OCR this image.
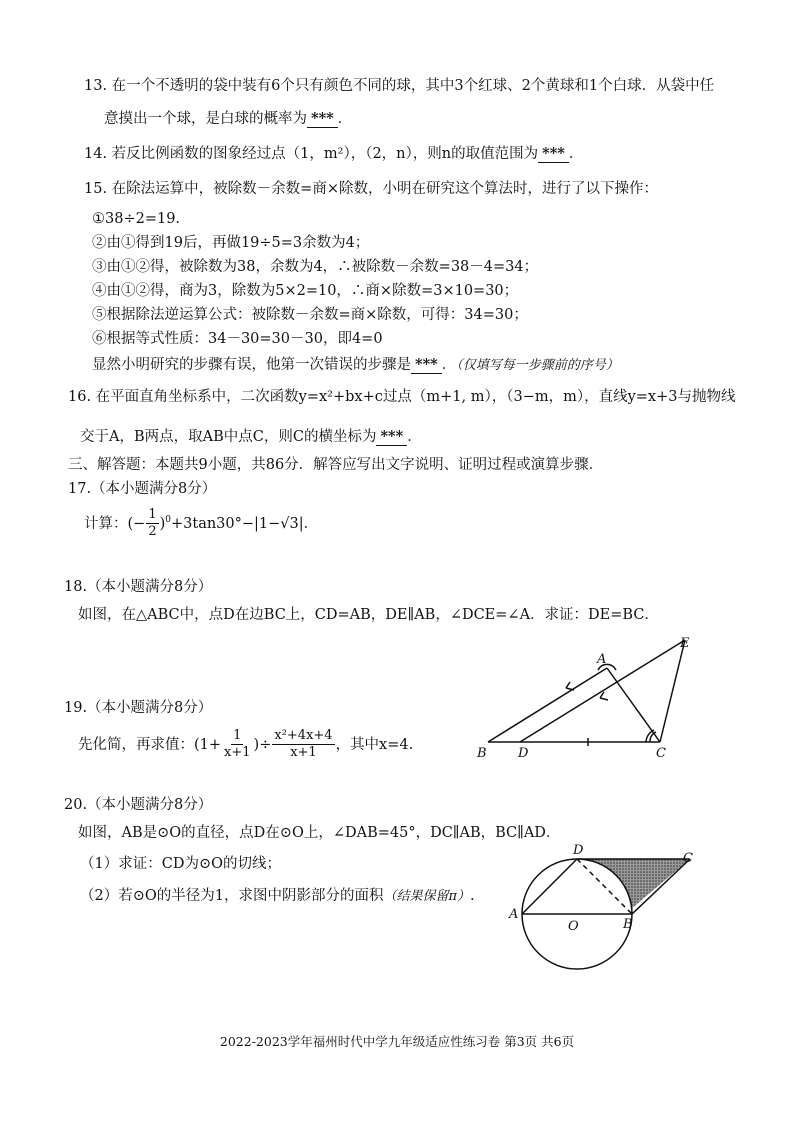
13. 在一个不透明的袋中装有6个只有颜色不同的球，其中3个红球、2个黄球和1个白球．从袋中任
意摸出一个球，是白球的概率为 *** ．
14. 若反比例函数的图象经过点（1，m²），（2，n），则n的取值范围为 *** ．
15. 在除法运算中，被除数－余数=商×除数，小明在研究这个算法时，进行了以下操作：
①38÷2=19.
②由①得到19后，再做19÷5=3余数为4；
③由①②得，被除数为38，余数为4，∴被除数－余数=38－4=34；
④由①②得，商为3，除数为5×2=10，∴商×除数=3×10=30；
⑤根据除法逆运算公式：被除数－余数=商×除数，可得：34=30；
⑥根据等式性质：34－30=30－30，即4=0
显然小明研究的步骤有误，他第一次错误的步骤是 *** ．（仅填写每一步骤前的序号）
16. 在平面直角坐标系中，二次函数y=x²+bx+c过点（m+1, m），（3−m，m），直线y=x+3与抛物线
交于A，B两点，取AB中点C，则C的横坐标为 *** ．
三、解答题：本题共9小题，共86分．解答应写出文字说明、证明过程或演算步骤．
17.（本小题满分8分）
计算：(− $\frac{1}{2} )^0+3\tan 30^\circ-|1-√3|$．
18.（本小题满分8分）
如图，在△ABC中，点D在边BC上，CD=AB，DE∥AB，∠DCE=∠A．求证：DE=BC．
A
B	C
D
E
19.（本小题满分8分）
先化简，再求值：($1+ \frac{1}{x+1}$ )÷ $\frac{\text{x²+4x+4}}{x+1}$ ，其中x=4.
20.（本小题满分8分）
如图，AB是⊙O的直径，点D在⊙O上，∠DAB=45°，DC∥AB，BC∥AD．
（1）求证：CD为⊙O的切线；
（2）若⊙O的半径为1，求图中阴影部分的面积（结果保留π）.
D
C
A
O	B
2022-2023学年福州时代中学九年级适应性练习卷 第3页 共6页
